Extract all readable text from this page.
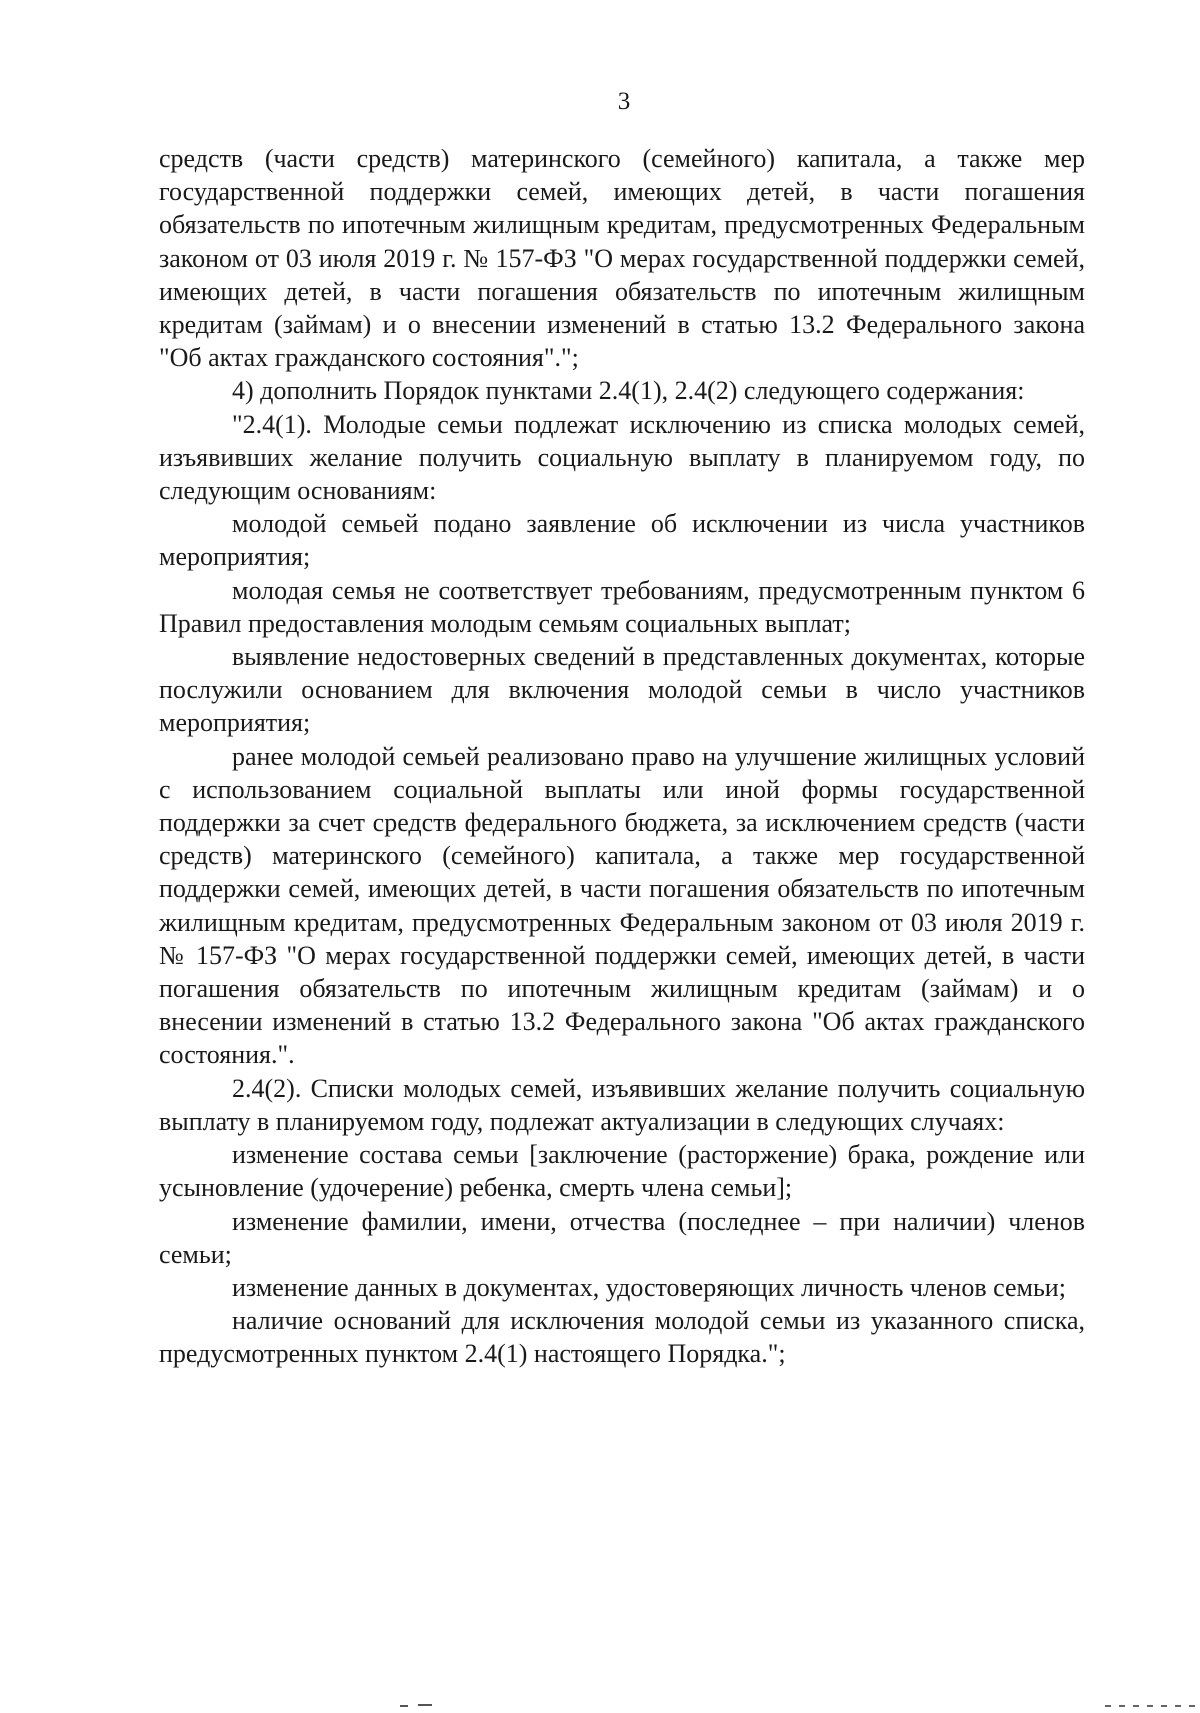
3

средств (части средств) материнского (семейного) капитала, а также мер государственной поддержки семей, имеющих детей, в части погашения обязательств по ипотечным жилищным кредитам, предусмотренных Федеральным законом от 03 июля 2019 г. № 157-ФЗ "О мерах государственной поддержки семей, имеющих детей, в части погашения обязательств по ипотечным жилищным кредитам (займам) и о внесении изменений в статью 13.2 Федерального закона "Об актах гражданского состояния".";

4) дополнить Порядок пунктами 2.4(1), 2.4(2) следующего содержания:

"2.4(1). Молодые семьи подлежат исключению из списка молодых семей, изъявивших желание получить социальную выплату в планируемом году, по следующим основаниям:

молодой семьей подано заявление об исключении из числа участников мероприятия;

молодая семья не соответствует требованиям, предусмотренным пунктом 6 Правил предоставления молодым семьям социальных выплат;

выявление недостоверных сведений в представленных документах, которые послужили основанием для включения молодой семьи в число участников мероприятия;

ранее молодой семьей реализовано право на улучшение жилищных условий с использованием социальной выплаты или иной формы государственной поддержки за счет средств федерального бюджета, за исключением средств (части средств) материнского (семейного) капитала, а также мер государственной поддержки семей, имеющих детей, в части погашения обязательств по ипотечным жилищным кредитам, предусмотренных Федеральным законом от 03 июля 2019 г. № 157-ФЗ "О мерах государственной поддержки семей, имеющих детей, в части погашения обязательств по ипотечным жилищным кредитам (займам) и о внесении изменений в статью 13.2 Федерального закона "Об актах гражданского состояния.".

2.4(2). Списки молодых семей, изъявивших желание получить социальную выплату в планируемом году, подлежат актуализации в следующих случаях:

изменение состава семьи [заключение (расторжение) брака, рождение или усыновление (удочерение) ребенка, смерть члена семьи];

изменение фамилии, имени, отчества (последнее – при наличии) членов семьи;

изменение данных в документах, удостоверяющих личность членов семьи;

наличие оснований для исключения молодой семьи из указанного списка, предусмотренных пунктом 2.4(1) настоящего Порядка.";
